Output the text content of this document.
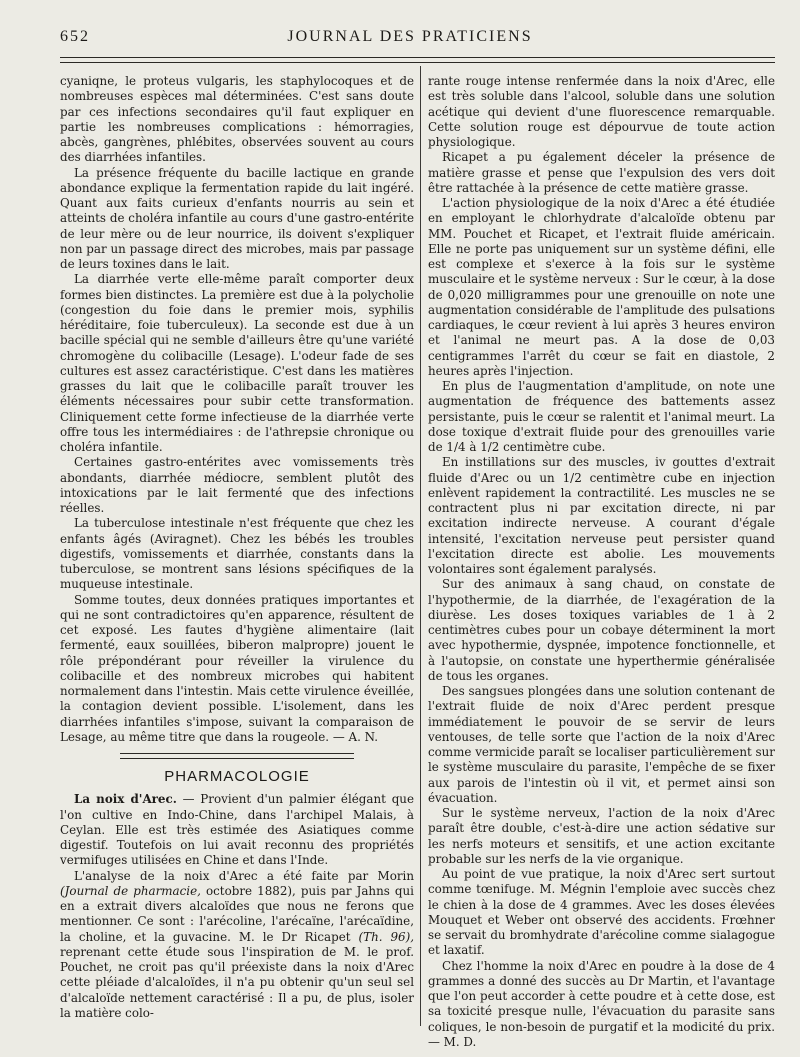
652	JOURNAL DES PRATICIENS

cyaniqne, le proteus vulgaris, les staphylocoques et de nombreuses espèces mal déterminées. C'est sans doute par ces infections secondaires qu'il faut expliquer en partie les nombreuses complications : hémorragies, abcès, gangrènes, phlébites, observées souvent au cours des diarrhées infantiles.

La présence fréquente du bacille lactique en grande abondance explique la fermentation rapide du lait ingéré. Quant aux faits curieux d'enfants nourris au sein et atteints de choléra infantile au cours d'une gastro-entérite de leur mère ou de leur nourrice, ils doivent s'expliquer non par un passage direct des microbes, mais par passage de leurs toxines dans le lait.

La diarrhée verte elle-même paraît comporter deux formes bien distinctes. La première est due à la polycholie (congestion du foie dans le premier mois, syphilis héréditaire, foie tuberculeux). La seconde est due à un bacille spécial qui ne semble d'ailleurs être qu'une variété chromogène du colibacille (Lesage). L'odeur fade de ses cultures est assez caractéristique. C'est dans les matières grasses du lait que le colibacille paraît trouver les éléments nécessaires pour subir cette transformation. Cliniquement cette forme infectieuse de la diarrhée verte offre tous les intermédiaires : de l'athrepsie chronique ou choléra infantile.

Certaines gastro-entérites avec vomissements très abondants, diarrhée médiocre, semblent plutôt des intoxications par le lait fermenté que des infections réelles.

La tuberculose intestinale n'est fréquente que chez les enfants âgés (Aviragnet). Chez les bébés les troubles digestifs, vomissements et diarrhée, constants dans la tuberculose, se montrent sans lésions spécifiques de la muqueuse intestinale.

Somme toutes, deux données pratiques importantes et qui ne sont contradictoires qu'en apparence, résultent de cet exposé. Les fautes d'hygiène alimentaire (lait fermenté, eaux souillées, biberon malpropre) jouent le rôle prépondérant pour réveiller la virulence du colibacille et des nombreux microbes qui habitent normalement dans l'intestin. Mais cette virulence éveillée, la contagion devient possible. L'isolement, dans les diarrhées infantiles s'impose, suivant la comparaison de Lesage, au même titre que dans la rougeole. — A. N.

PHARMACOLOGIE

La noix d'Arec. — Provient d'un palmier élégant que l'on cultive en Indo-Chine, dans l'archipel Malais, à Ceylan. Elle est très estimée des Asiatiques comme digestif. Toutefois on lui avait reconnu des propriétés vermifuges utilisées en Chine et dans l'Inde.

L'analyse de la noix d'Arec a été faite par Morin (Journal de pharmacie, octobre 1882), puis par Jahns qui en a extrait divers alcaloïdes que nous ne ferons que mentionner. Ce sont : l'arécoline, l'arécaïne, l'arécaïdine, la choline, et la guvacine. M. le Dr Ricapet (Th. 96), reprenant cette étude sous l'inspiration de M. le prof. Pouchet, ne croit pas qu'il préexiste dans la noix d'Arec cette pléiade d'alcaloïdes, il n'a pu obtenir qu'un seul sel d'alcaloïde nettement caractérisé : Il a pu, de plus, isoler la matière colo-

rante rouge intense renfermée dans la noix d'Arec, elle est très soluble dans l'alcool, soluble dans une solution acétique qui devient d'une fluorescence remarquable. Cette solution rouge est dépourvue de toute action physiologique.

Ricapet a pu également déceler la présence de matière grasse et pense que l'expulsion des vers doit être rattachée à la présence de cette matière grasse.

L'action physiologique de la noix d'Arec a été étudiée en employant le chlorhydrate d'alcaloïde obtenu par MM. Pouchet et Ricapet, et l'extrait fluide américain. Elle ne porte pas uniquement sur un système défini, elle est complexe et s'exerce à la fois sur le système musculaire et le système nerveux : Sur le cœur, à la dose de 0,020 milligrammes pour une grenouille on note une augmentation considérable de l'amplitude des pulsations cardiaques, le cœur revient à lui après 3 heures environ et l'animal ne meurt pas. A la dose de 0,03 centigrammes l'arrêt du cœur se fait en diastole, 2 heures après l'injection.

En plus de l'augmentation d'amplitude, on note une augmentation de fréquence des battements assez persistante, puis le cœur se ralentit et l'animal meurt. La dose toxique d'extrait fluide pour des grenouilles varie de 1/4 à 1/2 centimètre cube.

En instillations sur des muscles, iv gouttes d'extrait fluide d'Arec ou un 1/2 centimètre cube en injection enlèvent rapidement la contractilité. Les muscles ne se contractent plus ni par excitation directe, ni par excitation indirecte nerveuse. A courant d'égale intensité, l'excitation nerveuse peut persister quand l'excitation directe est abolie. Les mouvements volontaires sont également paralysés.

Sur des animaux à sang chaud, on constate de l'hypothermie, de la diarrhée, de l'exagération de la diurèse. Les doses toxiques variables de 1 à 2 centimètres cubes pour un cobaye déterminent la mort avec hypothermie, dyspnée, impotence fonctionnelle, et à l'autopsie, on constate une hyperthermie généralisée de tous les organes.

Des sangsues plongées dans une solution contenant de l'extrait fluide de noix d'Arec perdent presque immédiatement le pouvoir de se servir de leurs ventouses, de telle sorte que l'action de la noix d'Arec comme vermicide paraît se localiser particulièrement sur le système musculaire du parasite, l'empêche de se fixer aux parois de l'intestin où il vit, et permet ainsi son évacuation.

Sur le système nerveux, l'action de la noix d'Arec paraît être double, c'est-à-dire une action sédative sur les nerfs moteurs et sensitifs, et une action excitante probable sur les nerfs de la vie organique.

Au point de vue pratique, la noix d'Arec sert surtout comme tœnifuge. M. Mégnin l'emploie avec succès chez le chien à la dose de 4 grammes. Avec les doses élevées Mouquet et Weber ont observé des accidents. Frœhner se servait du bromhydrate d'arécoline comme sialagogue et laxatif.

Chez l'homme la noix d'Arec en poudre à la dose de 4 grammes a donné des succès au Dr Martin, et l'avantage que l'on peut accorder à cette poudre et à cette dose, est sa toxicité presque nulle, l'évacuation du parasite sans coliques, le non-besoin de purgatif et la modicité du prix. — M. D.
